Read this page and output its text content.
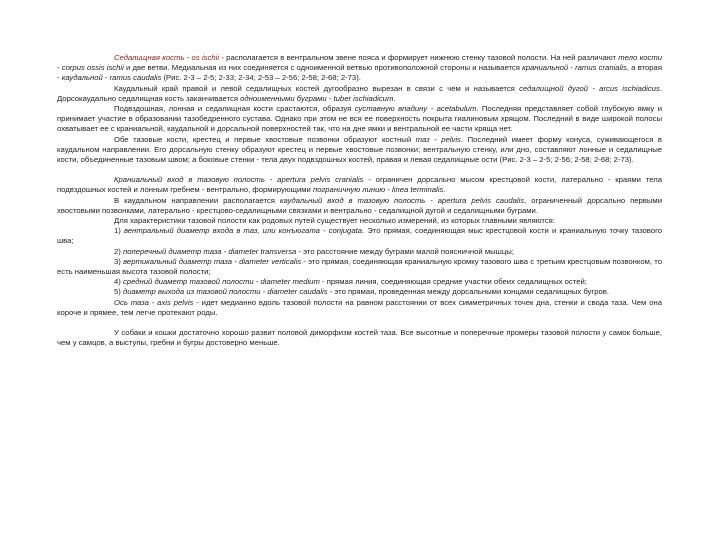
Седалищная кость - os ischii - располагается в вентральном звене пояса и формирует нижнюю стенку тазовой полости. На ней различают тело кости - corpus ossis ischii и две ветви. Медиальная из них соединяется с одноименной ветвью противоположной стороны и называется краниальной - ramus cranialis, а вторая - каудальной - ramus caudalis (Рис. 2-3 – 2-5; 2-33; 2-34; 2-53 – 2-56; 2-58; 2-68; 2-73).

Каудальный край правой и левой седалищных костей дугообразно вырезан в связи с чем и называется седалищной дугой - arcus ischiadicus. Дорсокаудально седалищная кость заканчивается одноименными буграми - tuber ischiadicum.

Подвздошная, лонная и седалищная кости срастаются, образуя суставную впадину - acetabulum. Последняя представляет собой глубокую ямку и принимает участие в образовании тазобедренного сустава. Однако при этом не вся ее поверхность покрыта гиалиновым хрящом. Последний в виде широкой полосы охватывает ее с краниальной, каудальной и дорсальной поверхностей так, что на дне ямки и вентральной ее части хряща нет.

Обе тазовые кости, крестец и первые хвостовые позвонки образуют костный таз - pelvis. Последний имеет форму конуса, суживающегося в каудальном направлении. Его дорсальную стенку образуют крестец и первые хвостовые позвонки; вентральную стенку, или дно, составляют лонные и седалищные кости, объединенные тазовым швом; а боковые стенки - тела двух подвздошных костей, правая и левая седалищные ости (Рис. 2-3 – 2-5; 2-56; 2-58; 2-68; 2-73).

Краниальный вход в тазовую полость - apertura pelvis cranialis - ограничен дорсально мысом крестцовой кости, латерально - краями тела подвздошных костей и лонным гребнем - вентрально, формирующими пограничную линию - linea terminalis.

В каудальном направлении располагается каудальный вход в тазовую полость - apertura pelvis caudalis, ограниченный дорсально первыми хвостовыми позвонками, латерально - крестцово-седалищными связками и вентрально - седалищной дугой и седалищными буграми.

Для характеристики тазовой полости как родовых путей существует несколько измерений, из которых главными являются:

1) вентральный диаметр входа в таз, или конъюгата - conjugata. Это прямая, соединяющая мыс крестцовой кости и краниальную точку тазового шва;

2) поперечный диаметр таза - diameter transversa - это расстояние между буграми малой поясничной мышцы;

3) вертикальный диаметр таза - diameter verticalis - это прямая, соединяющая краниальную кромку тазового шва с третьим крестцовым позвонком, то есть наименьшая высота тазовой полости;

4) средний диаметр тазовой полости - diameter medium - прямая линия, соединяющая средние участки обеих седалищных остей;

5) диаметр выхода из тазовой полости - diameter caudalis - это прямая, проведенная между дорсальными концами седалищных бугров.

Ось таза - axis pelvis - идет медианно вдоль тазовой полости на равном расстоянии от всех симметричных точек дна, стенки и свода таза. Чем она короче и прямее, тем легче протекают роды.

У собаки и кошки достаточно хорошо развит половой диморфизм костей таза. Все высотные и поперечные промеры тазовой полости у самок больше, чем у самцов, а выступы, гребни и бугры достоверно меньше.
